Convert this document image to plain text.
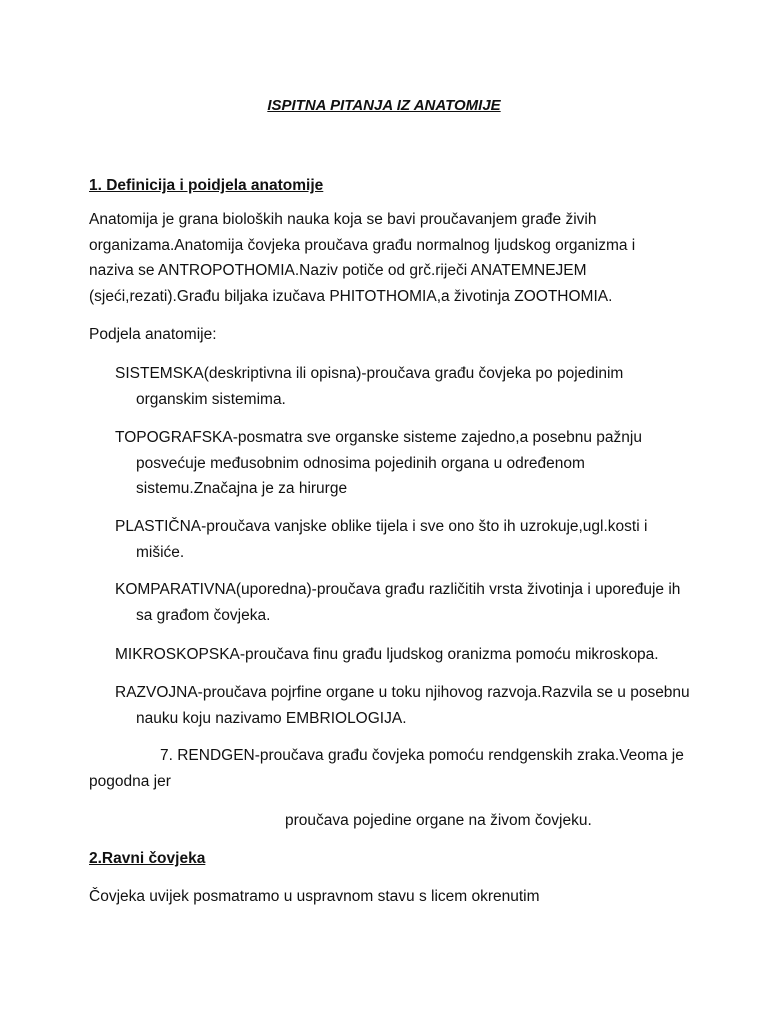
ISPITNA PITANJA IZ ANATOMIJE
1. Definicija i poidjela anatomije

Anatomija je grana bioloških nauka koja se bavi proučavanjem građe živih organizama.Anatomija čovjeka proučava građu normalnog ljudskog organizma i naziva se ANTROPOTHOMIA.Naziv potiče od grč.riječi ANATEMNEJEM (sjeći,rezati).Građu biljaka izučava PHITOTHOMIA,a životinja ZOOTHOMIA.

Podjela anatomije:

SISTEMSKA(deskriptivna ili opisna)-proučava građu čovjeka po pojedinim organskim sistemima.

TOPOGRAFSKA-posmatra sve organske sisteme zajedno,a posebnu pažnju posvećuje međusobnim odnosima pojedinih organa u određenom sistemu.Značajna je za hirurge

PLASTIČNA-proučava vanjske oblike tijela i sve ono što ih uzrokuje,ugl.kosti i mišiće.

KOMPARATIVNA(uporedna)-proučava građu različitih vrsta životinja i upoređuje ih sa građom čovjeka.

MIKROSKOPSKA-proučava finu građu ljudskog oranizma pomoću mikroskopa.

RAZVOJNA-proučava pojrfine organe u toku njihovog razvoja.Razvila se u posebnu nauku koju nazivamo EMBRIOLOGIJA.

7. RENDGEN-proučava građu čovjeka pomoću rendgenskih zraka.Veoma je pogodna jer

proučava pojedine organe na živom čovjeku.

2.Ravni čovjeka

Čovjeka uvijek posmatramo u uspravnom stavu s licem okrenutim
